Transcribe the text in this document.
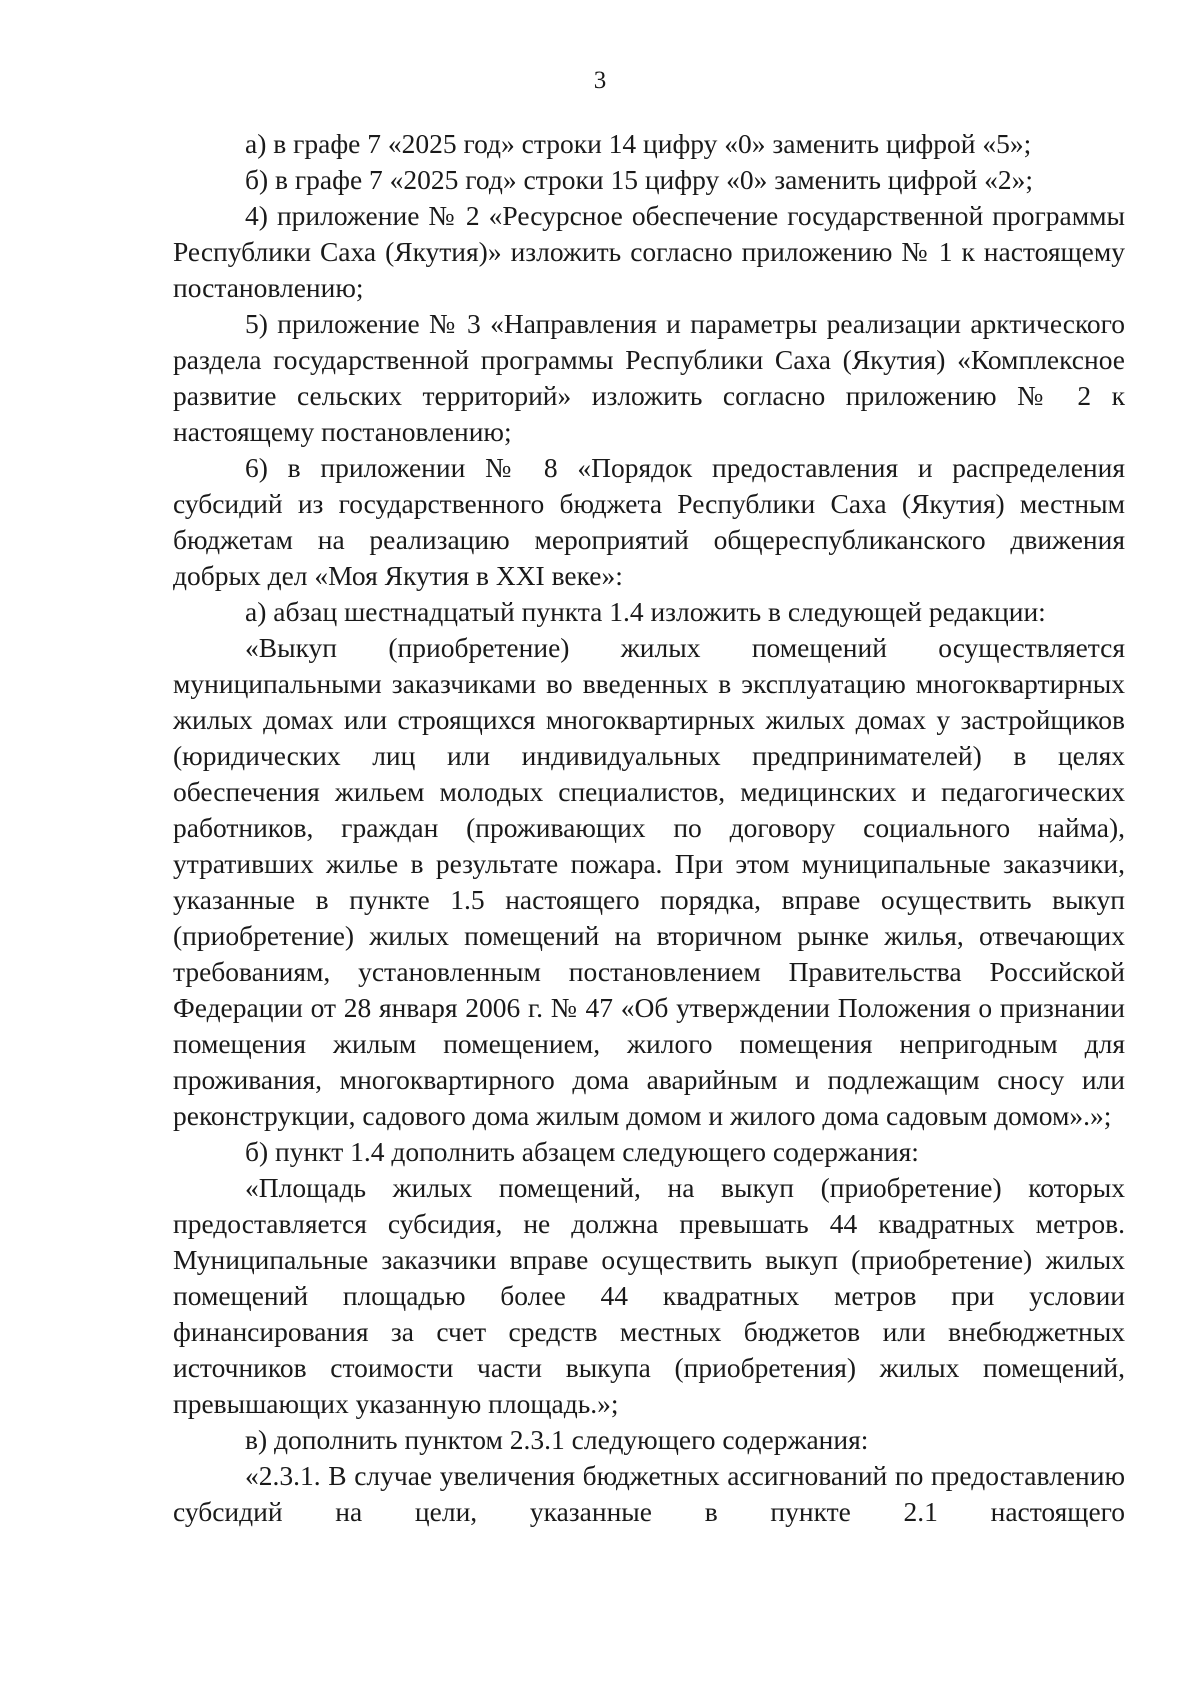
3

а) в графе 7 «2025 год» строки 14 цифру «0» заменить цифрой «5»;

б) в графе 7 «2025 год» строки 15 цифру «0» заменить цифрой «2»;

4) приложение № 2 «Ресурсное обеспечение государственной программы Республики Саха (Якутия)» изложить согласно приложению № 1 к настоящему постановлению;

5) приложение № 3 «Направления и параметры реализации арктического раздела государственной программы Республики Саха (Якутия) «Комплексное развитие сельских территорий» изложить согласно приложению № 2 к настоящему постановлению;

6) в приложении № 8 «Порядок предоставления и распределения субсидий из государственного бюджета Республики Саха (Якутия) местным бюджетам на реализацию мероприятий общереспубликанского движения добрых дел «Моя Якутия в XXI веке»:

а) абзац шестнадцатый пункта 1.4 изложить в следующей редакции:

«Выкуп (приобретение) жилых помещений осуществляется муниципальными заказчиками во введенных в эксплуатацию многоквартирных жилых домах или строящихся многоквартирных жилых домах у застройщиков (юридических лиц или индивидуальных предпринимателей) в целях обеспечения жильем молодых специалистов, медицинских и педагогических работников, граждан (проживающих по договору социального найма), утративших жилье в результате пожара. При этом муниципальные заказчики, указанные в пункте 1.5 настоящего порядка, вправе осуществить выкуп (приобретение) жилых помещений на вторичном рынке жилья, отвечающих требованиям, установленным постановлением Правительства Российской Федерации от 28 января 2006 г. № 47 «Об утверждении Положения о признании помещения жилым помещением, жилого помещения непригодным для проживания, многоквартирного дома аварийным и подлежащим сносу или реконструкции, садового дома жилым домом и жилого дома садовым домом».»;

б) пункт 1.4 дополнить абзацем следующего содержания:

«Площадь жилых помещений, на выкуп (приобретение) которых предоставляется субсидия, не должна превышать 44 квадратных метров. Муниципальные заказчики вправе осуществить выкуп (приобретение) жилых помещений площадью более 44 квадратных метров при условии финансирования за счет средств местных бюджетов или внебюджетных источников стоимости части выкупа (приобретения) жилых помещений, превышающих указанную площадь.»;

в) дополнить пунктом 2.3.1 следующего содержания:

«2.3.1. В случае увеличения бюджетных ассигнований по предоставлению субсидий на цели, указанные в пункте 2.1 настоящего
